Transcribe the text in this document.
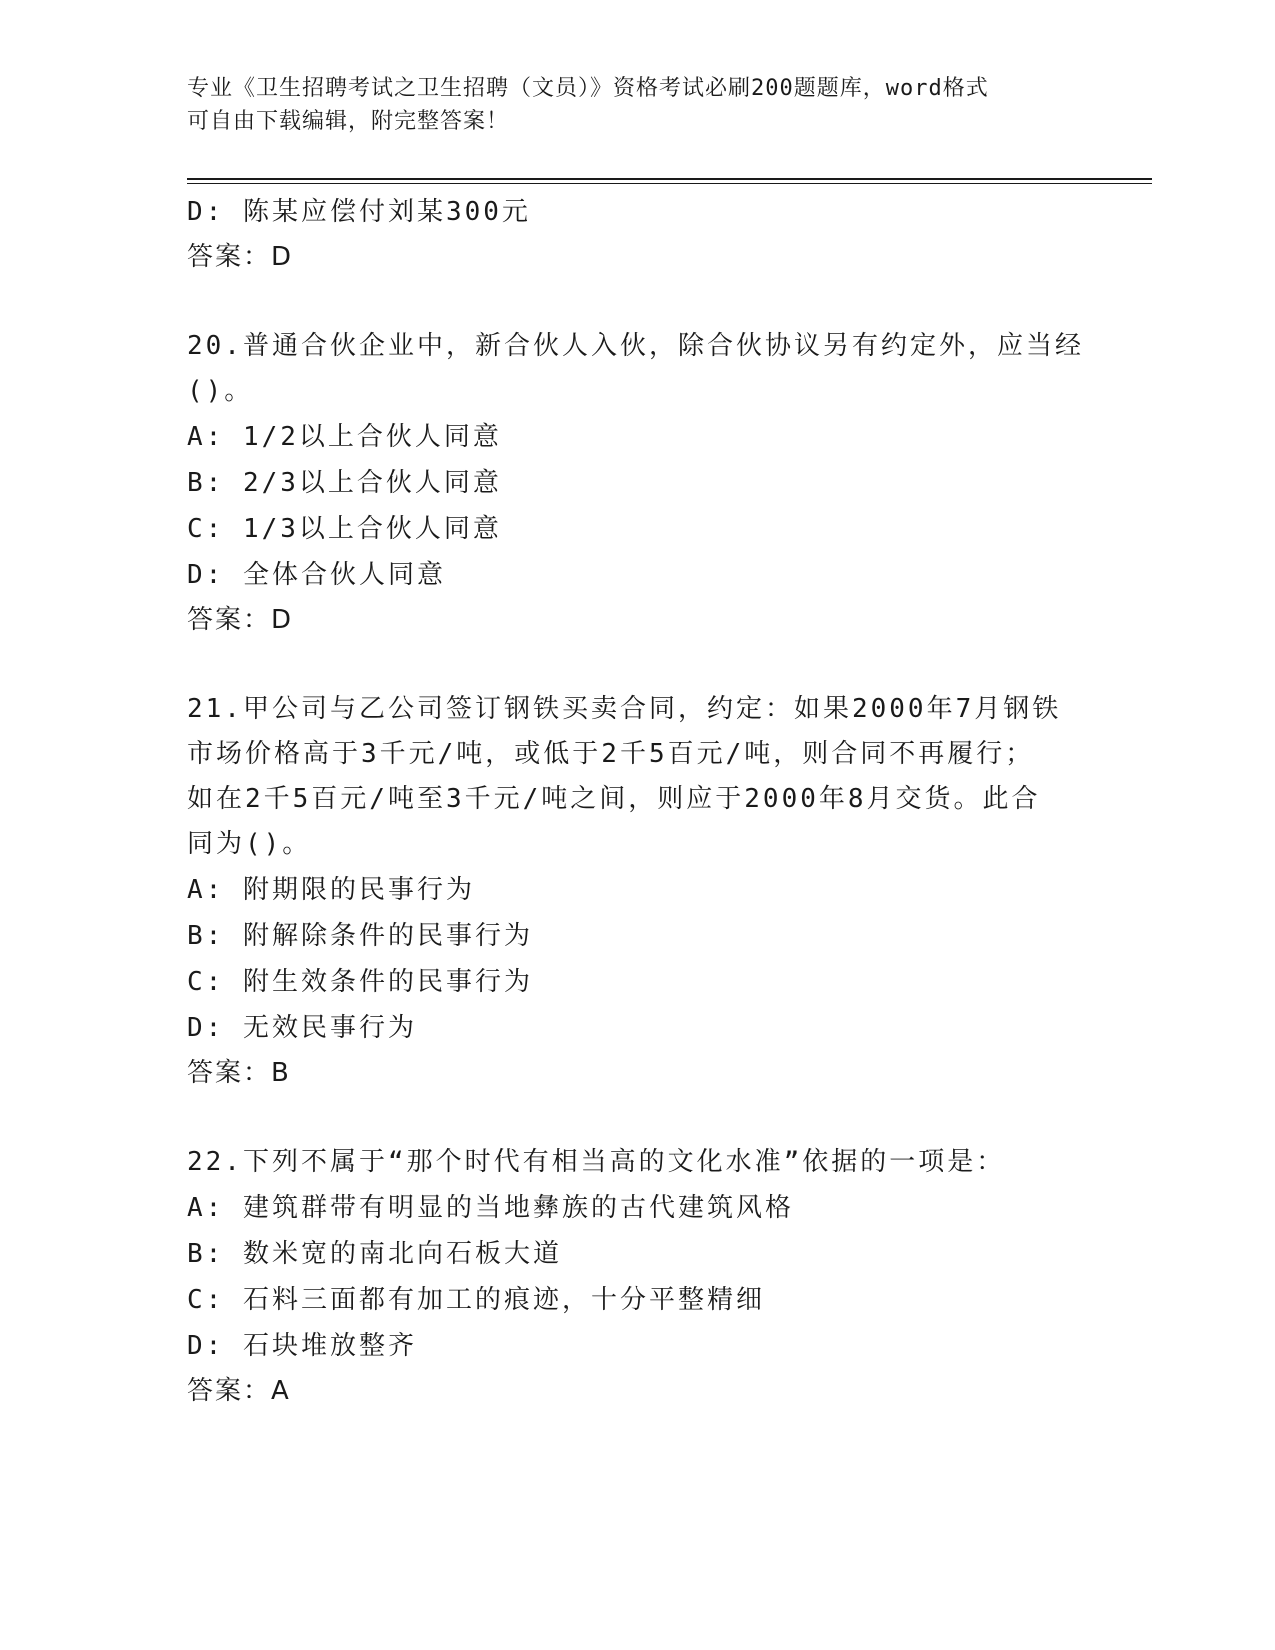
专业《卫生招聘考试之卫生招聘（文员）》资格考试必刷200题题库，word格式
可自由下载编辑，附完整答案！
D: 陈某应偿付刘某300元
答案：D
20.普通合伙企业中，新合伙人入伙，除合伙协议另有约定外，应当经
()。
A: 1/2以上合伙人同意
B: 2/3以上合伙人同意
C: 1/3以上合伙人同意
D: 全体合伙人同意
答案：D
21.甲公司与乙公司签订钢铁买卖合同，约定：如果2000年7月钢铁
市场价格高于3千元/吨，或低于2千5百元/吨，则合同不再履行；
如在2千5百元/吨至3千元/吨之间，则应于2000年8月交货。此合
同为()。
A: 附期限的民事行为
B: 附解除条件的民事行为
C: 附生效条件的民事行为
D: 无效民事行为
答案：B
22.下列不属于“那个时代有相当高的文化水准”依据的一项是：
A: 建筑群带有明显的当地彝族的古代建筑风格
B: 数米宽的南北向石板大道
C: 石料三面都有加工的痕迹，十分平整精细
D: 石块堆放整齐
答案：A
